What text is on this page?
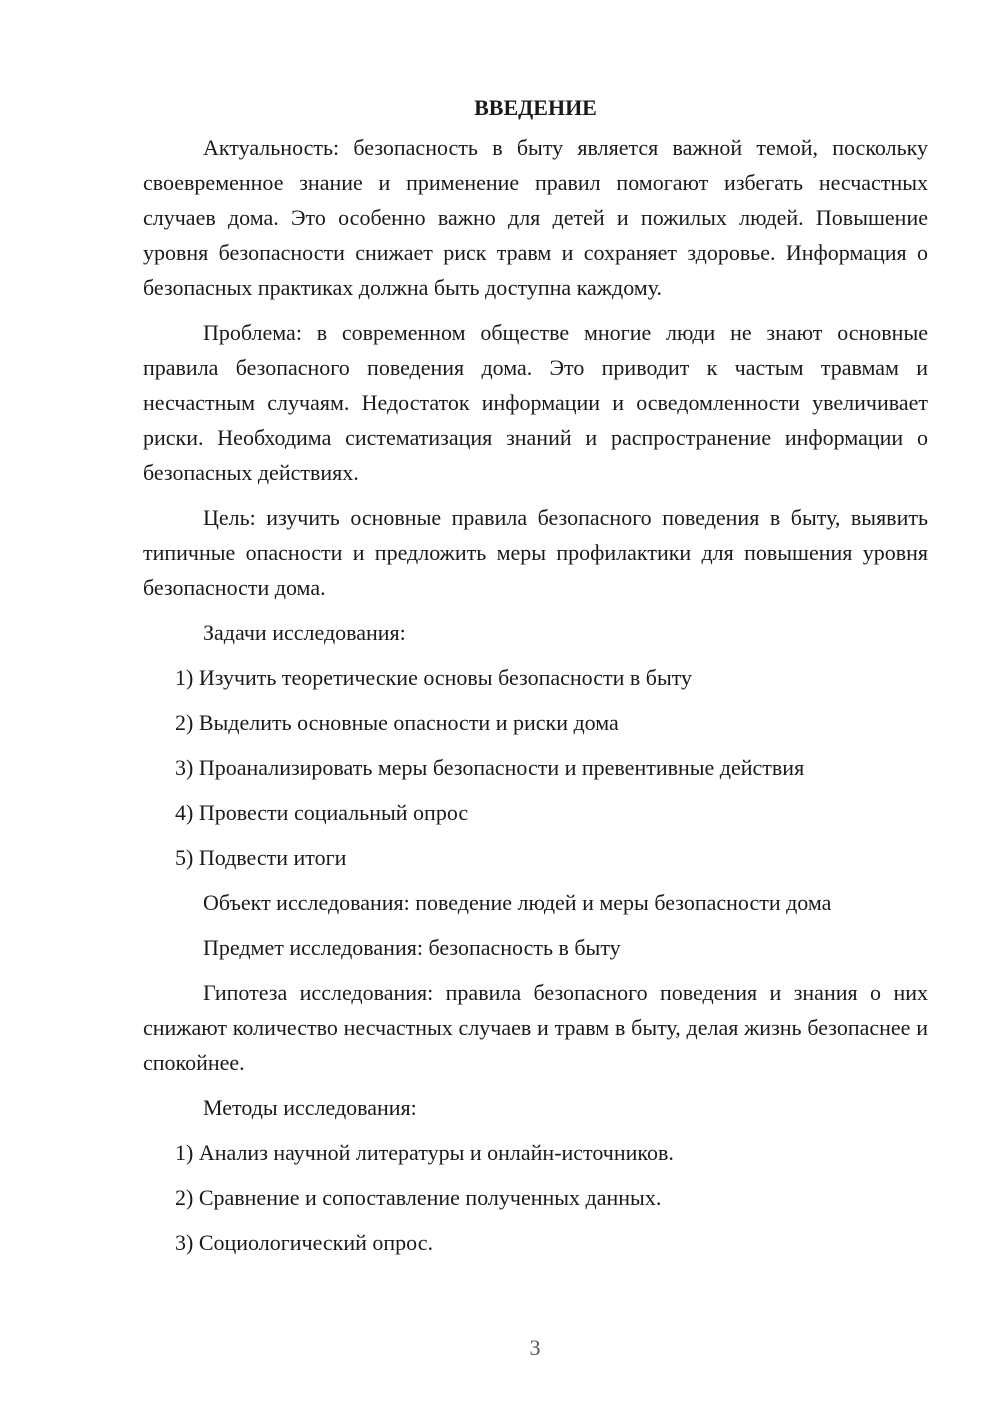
ВВЕДЕНИЕ

Актуальность: безопасность в быту является важной темой, поскольку своевременное знание и применение правил помогают избегать несчастных случаев дома. Это особенно важно для детей и пожилых людей. Повышение уровня безопасности снижает риск травм и сохраняет здоровье. Информация о безопасных практиках должна быть доступна каждому.

Проблема: в современном обществе многие люди не знают основные правила безопасного поведения дома. Это приводит к частым травмам и несчастным случаям. Недостаток информации и осведомленности увеличивает риски. Необходима систематизация знаний и распространение информации о безопасных действиях.

Цель: изучить основные правила безопасного поведения в быту, выявить типичные опасности и предложить меры профилактики для повышения уровня безопасности дома.

Задачи исследования:

1) Изучить теоретические основы безопасности в быту

2) Выделить основные опасности и риски дома

3) Проанализировать меры безопасности и превентивные действия

4) Провести социальный опрос

5) Подвести итоги

Объект исследования: поведение людей и меры безопасности дома

Предмет исследования: безопасность в быту

Гипотеза исследования: правила безопасного поведения и знания о них снижают количество несчастных случаев и травм в быту, делая жизнь безопаснее и спокойнее.

Методы исследования:

1) Анализ научной литературы и онлайн-источников.

2) Сравнение и сопоставление полученных данных.

3) Социологический опрос.

3
